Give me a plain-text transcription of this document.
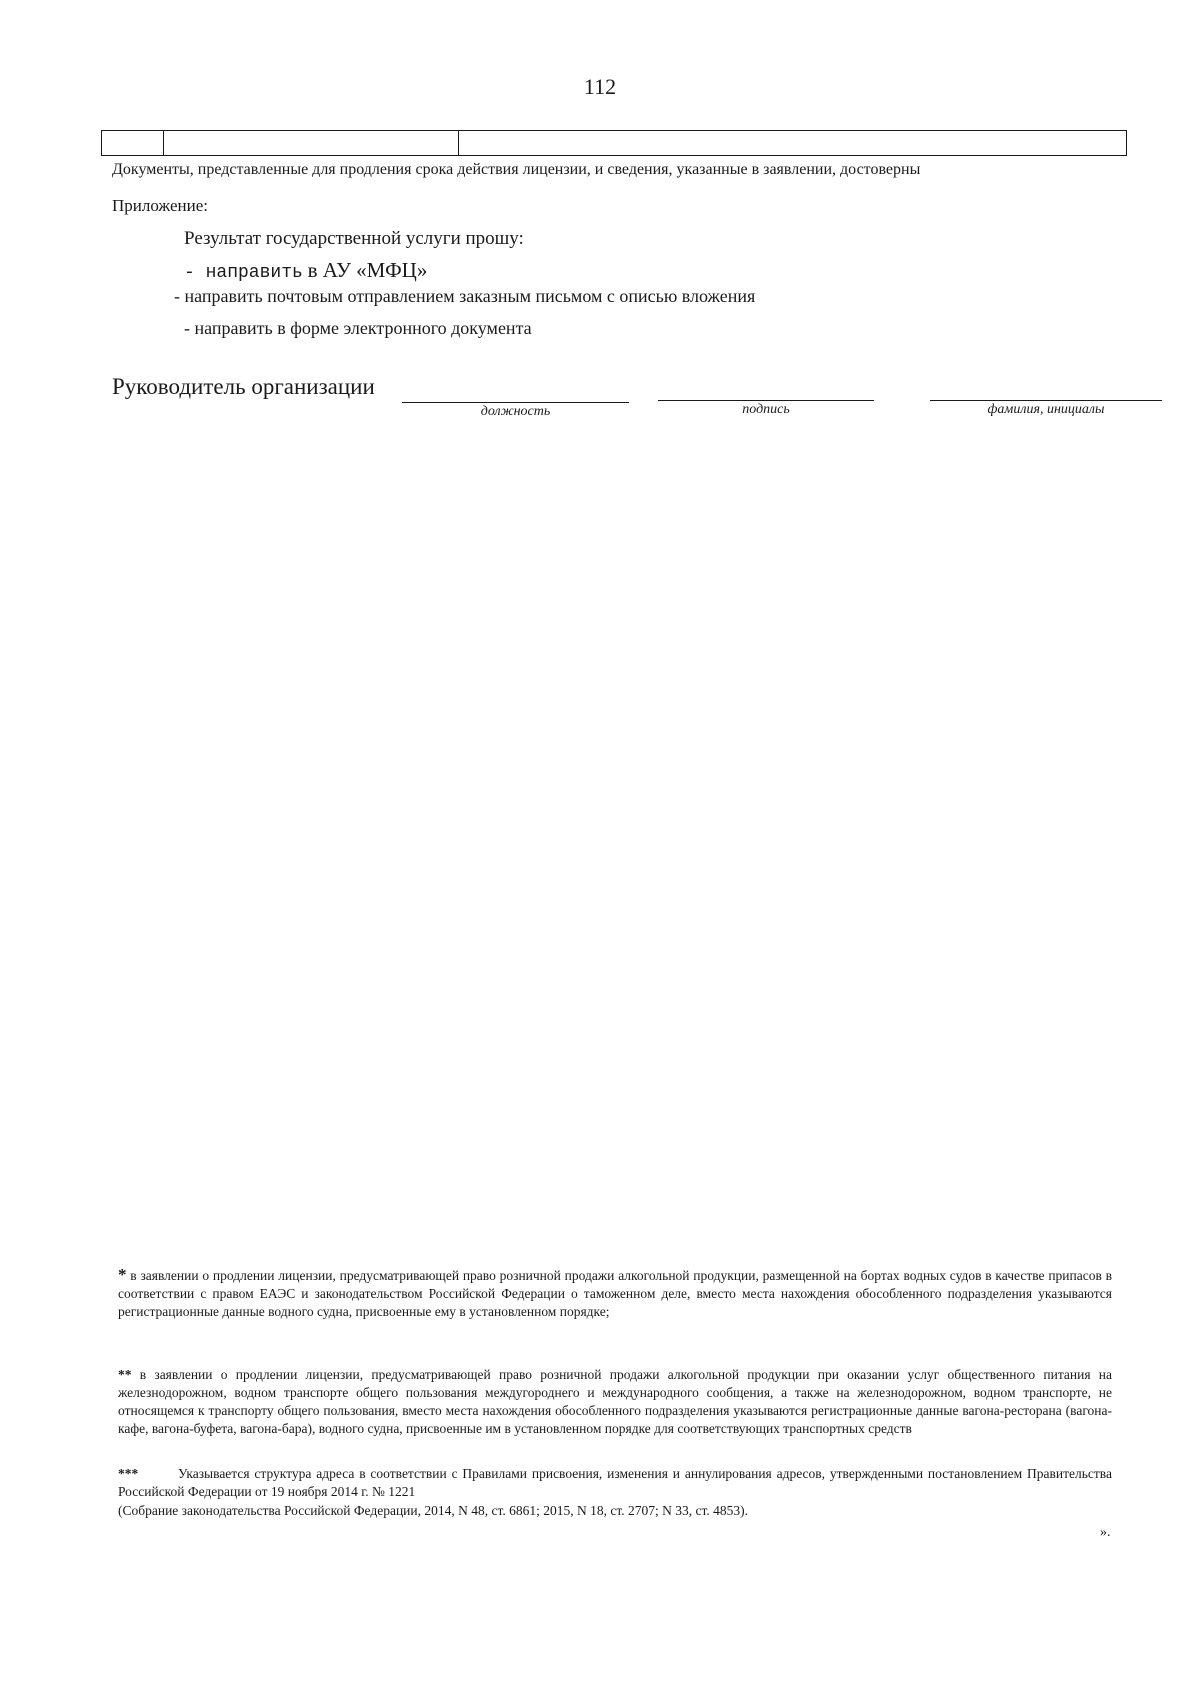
112

Документы, представленные для продления срока действия лицензии, и сведения, указанные в заявлении, достоверны
Приложение:
Результат государственной услуги прошу:
- направить в АУ «МФЦ»
- направить почтовым отправлением заказным письмом с описью вложения
- направить в форме электронного документа
Руководитель организации
должность	подпись	фамилия, инициалы
* в заявлении о продлении лицензии, предусматривающей право розничной продажи алкогольной продукции, размещенной на бортах водных судов в качестве припасов в соответствии с правом ЕАЭС и законодательством Российской Федерации о таможенном деле, вместо места нахождения обособленного подразделения указываются регистрационные данные водного судна, присвоенные ему в установленном порядке;
** в заявлении о продлении лицензии, предусматривающей право розничной продажи алкогольной продукции при оказании услуг общественного питания на железнодорожном, водном транспорте общего пользования междугороднего и международного сообщения, а также на железнодорожном, водном транспорте, не относящемся к транспорту общего пользования, вместо места нахождения обособленного подразделения указываются регистрационные данные вагона-ресторана (вагона-кафе, вагона-буфета, вагона-бара), водного судна, присвоенные им в установленном порядке для соответствующих транспортных средств
***	Указывается структура адреса в соответствии с Правилами присвоения, изменения и аннулирования адресов, утвержденными постановлением Правительства Российской Федерации от 19 ноября 2014 г. № 1221
(Собрание законодательства Российской Федерации, 2014, N 48, ст. 6861; 2015, N 18, ст. 2707; N 33, ст. 4853).
».
